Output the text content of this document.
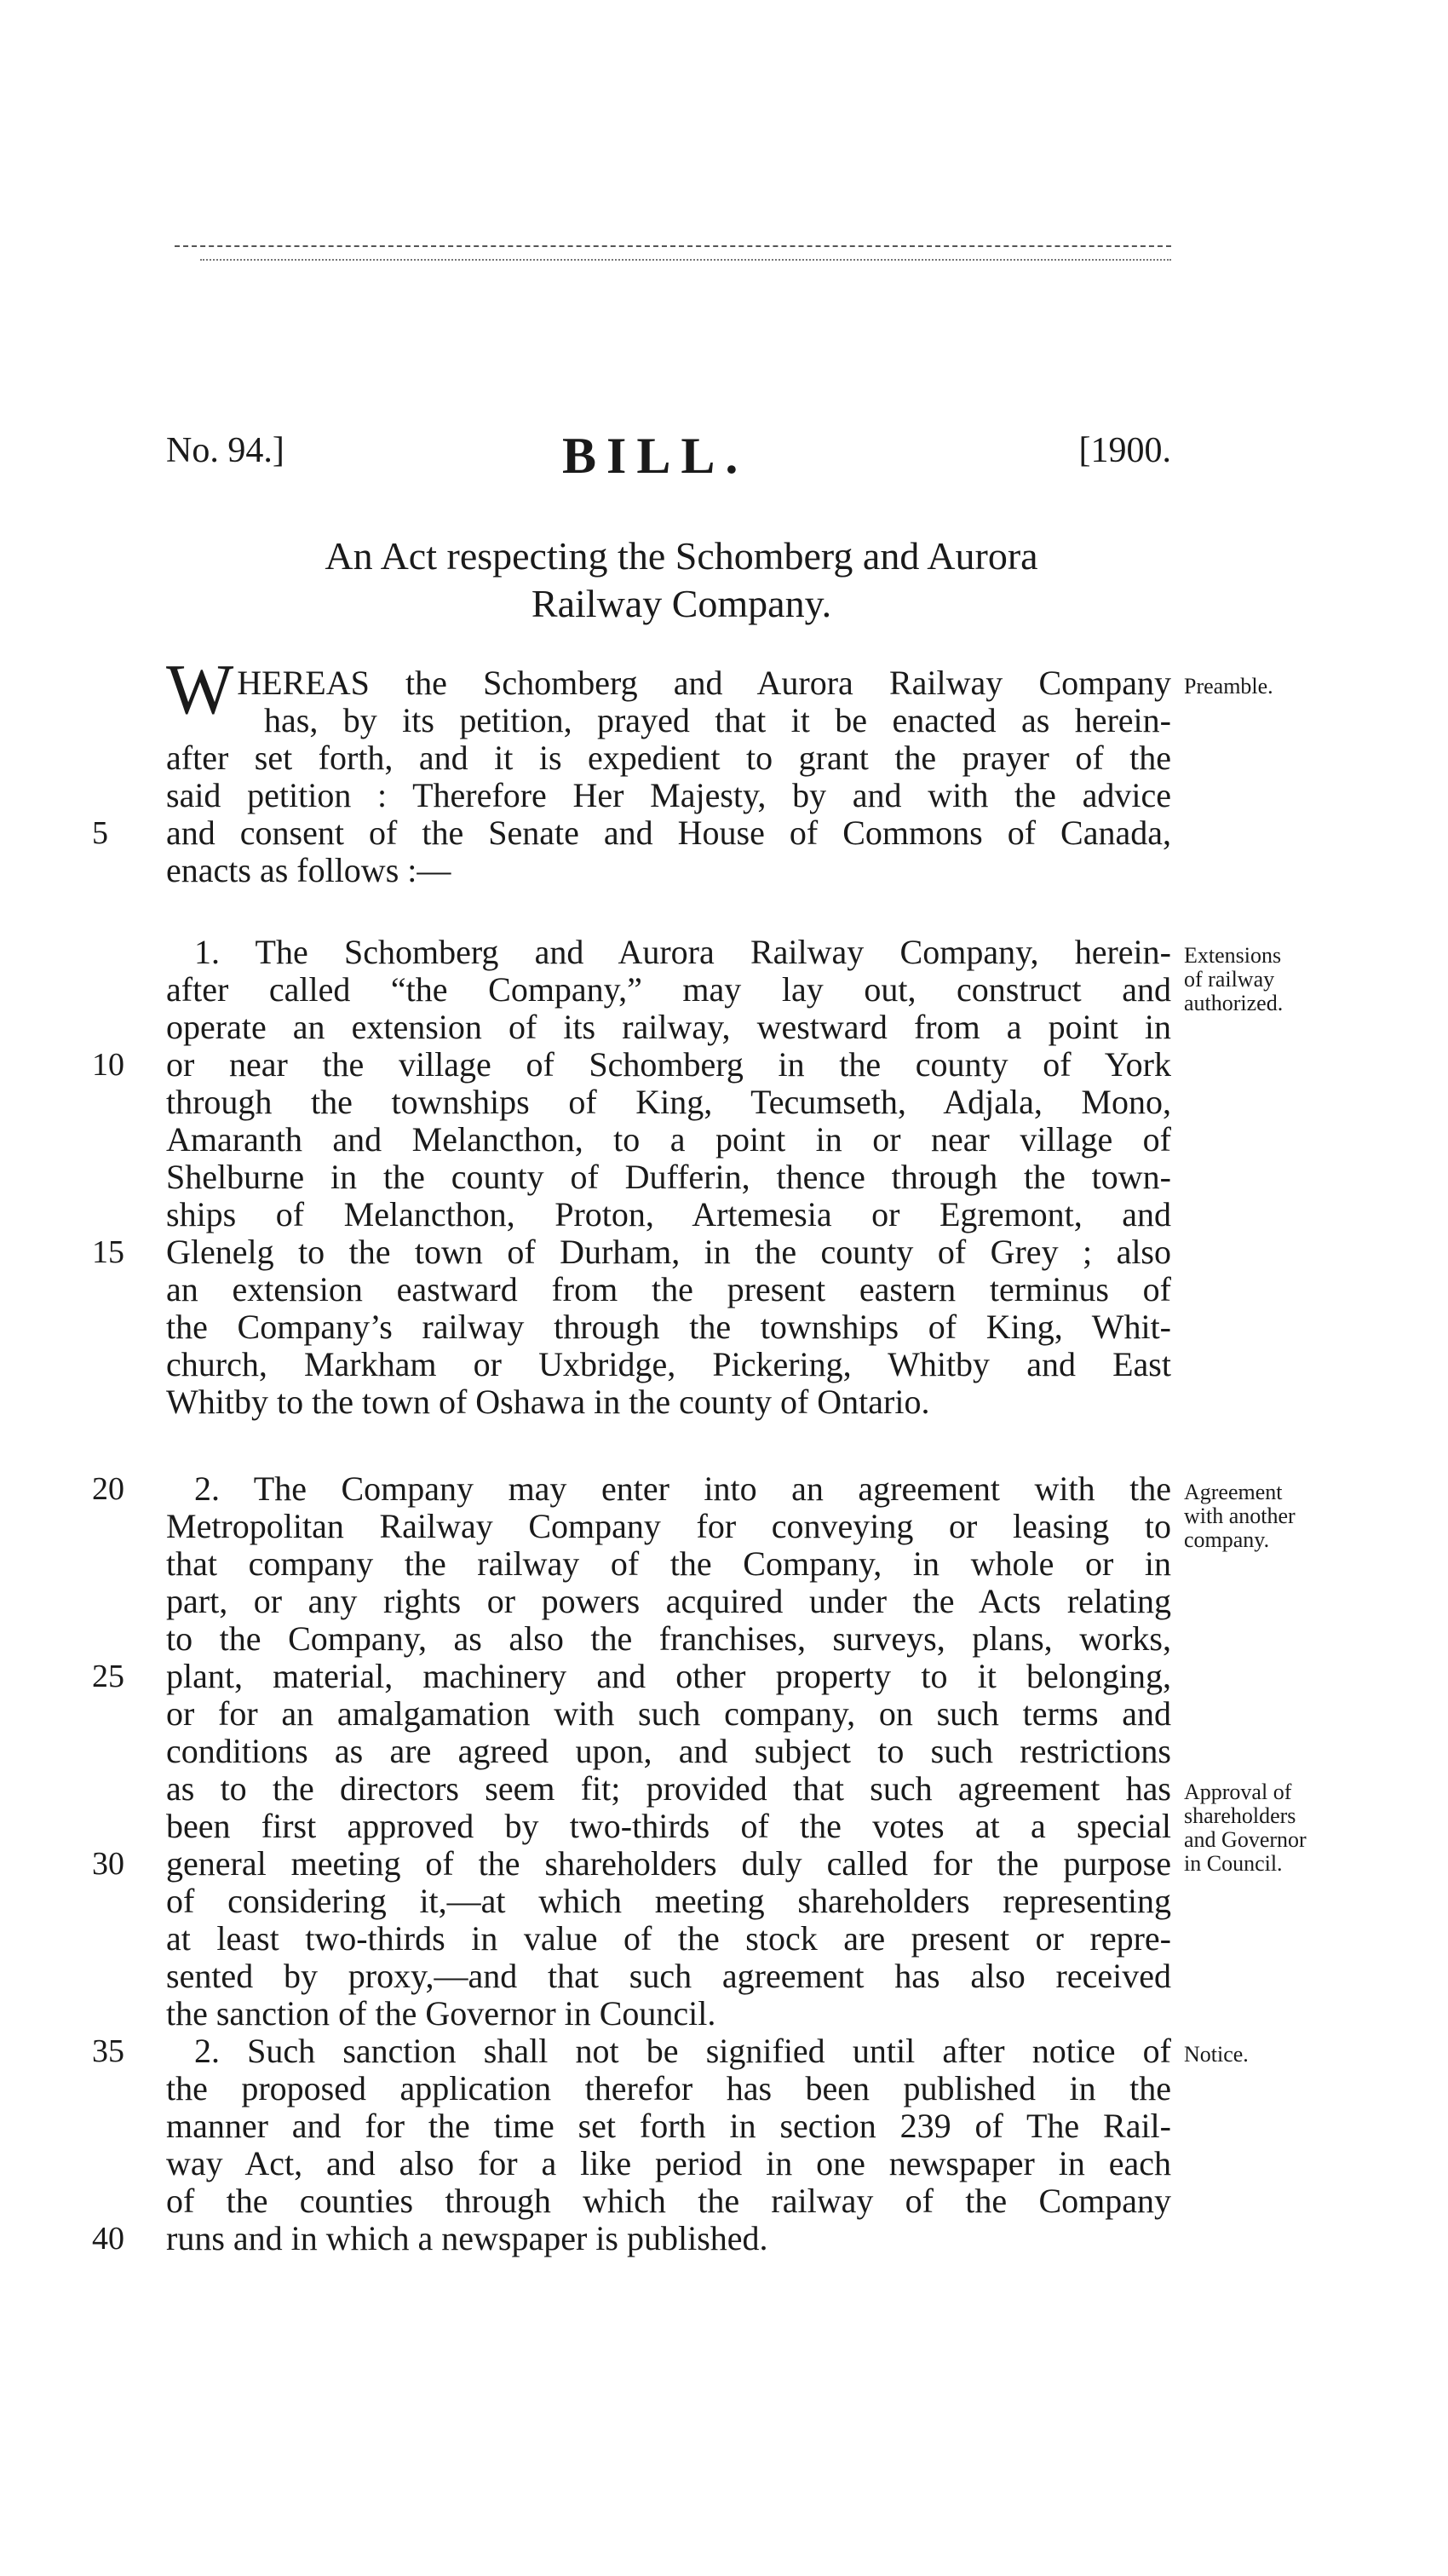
No. 94.]	BILL.	[1900.
An Act respecting the Schomberg and Aurora
Railway Company.
WHEREAS the Schomberg and Aurora Railway Company
has, by its petition, prayed that it be enacted as herein-
after set forth, and it is expedient to grant the prayer of the
said petition : Therefore Her Majesty, by and with the advice
and consent of the Senate and House of Commons of Canada,
enacts as follows :—
1. The Schomberg and Aurora Railway Company, herein-
after called “the Company,” may lay out, construct and
operate an extension of its railway, westward from a point in
or near the village of Schomberg in the county of York
through the townships of King, Tecumseth, Adjala, Mono,
Amaranth and Melancthon, to a point in or near village of
Shelburne in the county of Dufferin, thence through the town-
ships of Melancthon, Proton, Artemesia or Egremont, and
Glenelg to the town of Durham, in the county of Grey ; also
an extension eastward from the present eastern terminus of
the Company’s railway through the townships of King, Whit-
church, Markham or Uxbridge, Pickering, Whitby and East
Whitby to the town of Oshawa in the county of Ontario.
2. The Company may enter into an agreement with the
Metropolitan Railway Company for conveying or leasing to
that company the railway of the Company, in whole or in
part, or any rights or powers acquired under the Acts relating
to the Company, as also the franchises, surveys, plans, works,
plant, material, machinery and other property to it belonging,
or for an amalgamation with such company, on such terms and
conditions as are agreed upon, and subject to such restrictions
as to the directors seem fit; provided that such agreement has
been first approved by two-thirds of the votes at a special
general meeting of the shareholders duly called for the purpose
of considering it,—at which meeting shareholders representing
at least two-thirds in value of the stock are present or repre-
sented by proxy,—and that such agreement has also received
the sanction of the Governor in Council.
2. Such sanction shall not be signified until after notice of
the proposed application therefor has been published in the
manner and for the time set forth in section 239 of The Rail-
way Act, and also for a like period in one newspaper in each
of the counties through which the railway of the Company
runs and in which a newspaper is published.
5
10
15
20
25
30
35
40
Preamble.
Extensions
of railway
authorized.
Agreement
with another
company.
Approval of
shareholders
and Governor
in Council.
Notice.
